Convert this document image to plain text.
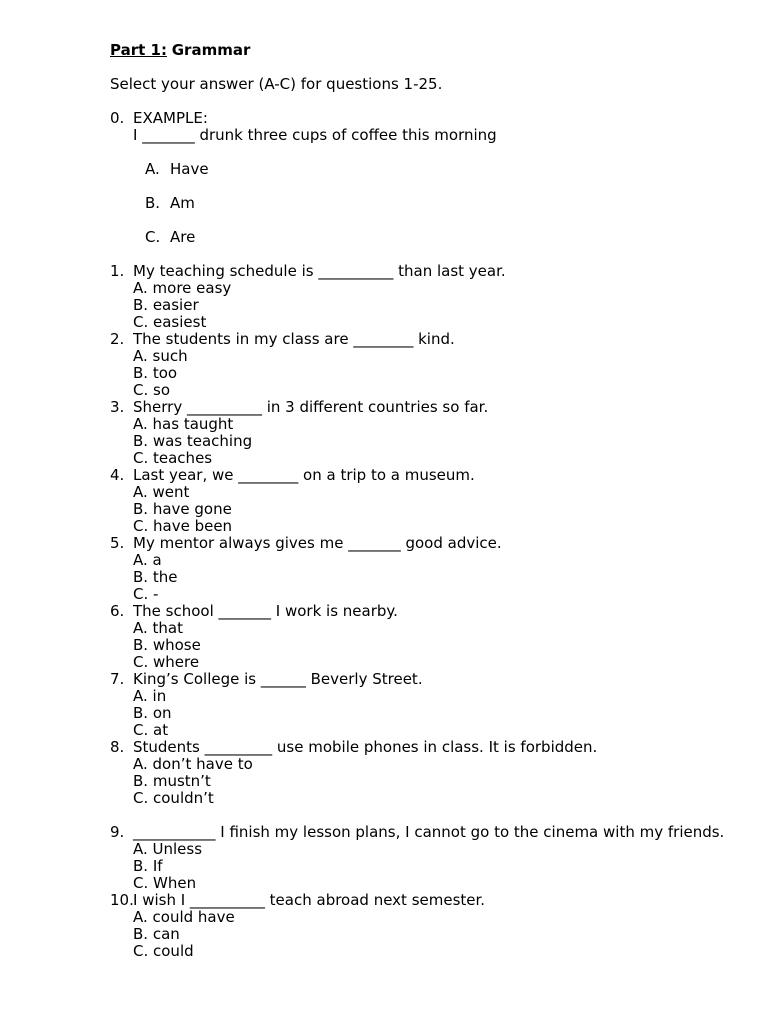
Part 1: Grammar
Select your answer (A-C) for questions 1-25.
0. EXAMPLE:
I _______ drunk three cups of coffee this morning
A. Have
B. Am
C. Are
1. My teaching schedule is __________ than last year.
A. more easy
B. easier
C. easiest
2. The students in my class are ________ kind.
A. such
B. too
C. so
3. Sherry __________ in 3 different countries so far.
A. has taught
B. was teaching
C. teaches
4. Last year, we ________ on a trip to a museum.
A. went
B. have gone
C. have been
5. My mentor always gives me _______ good advice.
A. a
B. the
C. -
6. The school _______ I work is nearby.
A. that
B. whose
C. where
7. King’s College is ______ Beverly Street.
A. in
B. on
C. at
8. Students _________ use mobile phones in class. It is forbidden.
A. don’t have to
B. mustn’t
C. couldn’t
9. ___________ I finish my lesson plans, I cannot go to the cinema with my friends.
A. Unless
B. If
C. When
10. I wish I __________ teach abroad next semester.
A. could have
B. can
C. could
